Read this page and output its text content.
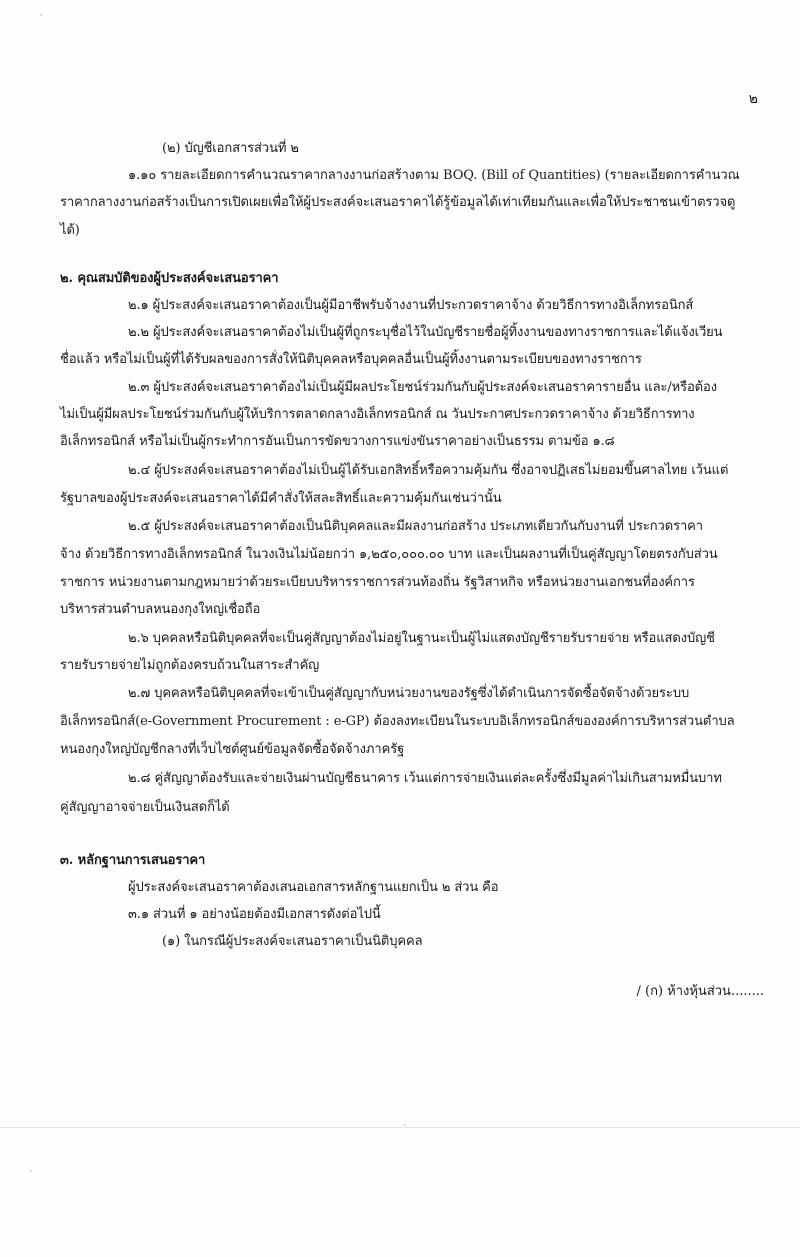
๒
(๒) บัญชีเอกสารส่วนที่ ๒
๑.๑๐ รายละเอียดการคำนวณราคากลางงานก่อสร้างตาม BOQ. (Bill of Quantities) (รายละเอียดการคำนวณ
ราคากลางงานก่อสร้างเป็นการเปิดเผยเพื่อให้ผู้ประสงค์จะเสนอราคาได้รู้ข้อมูลได้เท่าเทียมกันและเพื่อให้ประชาชนเข้าตรวจดู
ได้)
๒. คุณสมบัติของผู้ประสงค์จะเสนอราคา
๒.๑ ผู้ประสงค์จะเสนอราคาต้องเป็นผู้มีอาชีพรับจ้างงานที่ประกวดราคาจ้าง ด้วยวิธีการทางอิเล็กทรอนิกส์
๒.๒ ผู้ประสงค์จะเสนอราคาต้องไม่เป็นผู้ที่ถูกระบุชื่อไว้ในบัญชีรายชื่อผู้ทิ้งงานของทางราชการและได้แจ้งเวียน
ชื่อแล้ว หรือไม่เป็นผู้ที่ได้รับผลของการสั่งให้นิติบุคคลหรือบุคคลอื่นเป็นผู้ทิ้งงานตามระเบียบของทางราชการ
๒.๓ ผู้ประสงค์จะเสนอราคาต้องไม่เป็นผู้มีผลประโยชน์ร่วมกันกับผู้ประสงค์จะเสนอราคารายอื่น และ/หรือต้อง
ไม่เป็นผู้มีผลประโยชน์ร่วมกันกับผู้ให้บริการตลาดกลางอิเล็กทรอนิกส์ ณ วันประกาศประกวดราคาจ้าง ด้วยวิธีการทาง
อิเล็กทรอนิกส์ หรือไม่เป็นผู้กระทำการอันเป็นการขัดขวางการแข่งขันราคาอย่างเป็นธรรม ตามข้อ ๑.๘
๒.๔ ผู้ประสงค์จะเสนอราคาต้องไม่เป็นผู้ได้รับเอกสิทธิ์หรือความคุ้มกัน ซึ่งอาจปฏิเสธไม่ยอมขึ้นศาลไทย เว้นแต่
รัฐบาลของผู้ประสงค์จะเสนอราคาได้มีคำสั่งให้สละสิทธิ์และความคุ้มกันเช่นว่านั้น
๒.๕ ผู้ประสงค์จะเสนอราคาต้องเป็นนิติบุคคลและมีผลงานก่อสร้าง ประเภทเดียวกันกับงานที่ ประกวดราคา
จ้าง ด้วยวิธีการทางอิเล็กทรอนิกส์ ในวงเงินไม่น้อยกว่า ๑,๒๕๐,๐๐๐.๐๐ บาท และเป็นผลงานที่เป็นคู่สัญญาโดยตรงกับส่วน
ราชการ หน่วยงานตามกฎหมายว่าด้วยระเบียบบริหารราชการส่วนท้องถิ่น รัฐวิสาหกิจ หรือหน่วยงานเอกชนที่องค์การ
บริหารส่วนตำบลหนองกุงใหญ่เชื่อถือ
๒.๖ บุคคลหรือนิติบุคคลที่จะเป็นคู่สัญญาต้องไม่อยู่ในฐานะเป็นผู้ไม่แสดงบัญชีรายรับรายจ่าย หรือแสดงบัญชี
รายรับรายจ่ายไม่ถูกต้องครบถ้วนในสาระสำคัญ
๒.๗ บุคคลหรือนิติบุคคลที่จะเข้าเป็นคู่สัญญากับหน่วยงานของรัฐซึ่งได้ดำเนินการจัดซื้อจัดจ้างด้วยระบบ
อิเล็กทรอนิกส์(e-Government Procurement : e-GP) ต้องลงทะเบียนในระบบอิเล็กทรอนิกส์ขององค์การบริหารส่วนตำบล
หนองกุงใหญ่บัญชีกลางที่เว็บไซต์ศูนย์ข้อมูลจัดซื้อจัดจ้างภาครัฐ
๒.๘ คู่สัญญาต้องรับและจ่ายเงินผ่านบัญชีธนาคาร เว้นแต่การจ่ายเงินแต่ละครั้งซึ่งมีมูลค่าไม่เกินสามหมื่นบาท
คู่สัญญาอาจจ่ายเป็นเงินสดก็ได้
๓. หลักฐานการเสนอราคา
ผู้ประสงค์จะเสนอราคาต้องเสนอเอกสารหลักฐานแยกเป็น ๒ ส่วน คือ
๓.๑ ส่วนที่ ๑ อย่างน้อยต้องมีเอกสารดังต่อไปนี้
(๑) ในกรณีผู้ประสงค์จะเสนอราคาเป็นนิติบุคคล
/ (ก) ห้างหุ้นส่วน........
